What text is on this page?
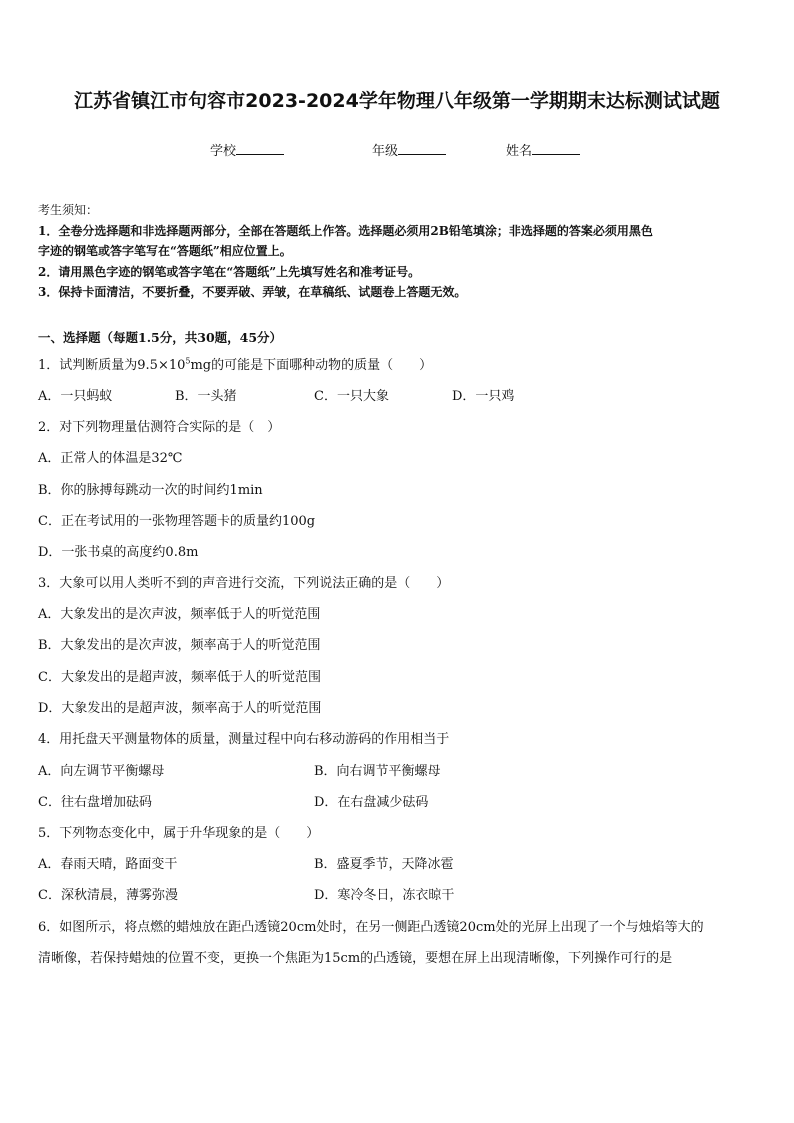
江苏省镇江市句容市2023-2024学年物理八年级第一学期期末达标测试试题
学校	年级	姓名
考生须知：
1．全卷分选择题和非选择题两部分，全部在答题纸上作答。选择题必须用2B铅笔填涂；非选择题的答案必须用黑色
字迹的钢笔或答字笔写在“答题纸”相应位置上。
2．请用黑色字迹的钢笔或答字笔在“答题纸”上先填写姓名和准考证号。
3．保持卡面清洁，不要折叠，不要弄破、弄皱，在草稿纸、试题卷上答题无效。
一、选择题（每题1.5分，共30题，45分）
1．试判断质量为$9.5\times 10^5mg$的可能是下面哪种动物的质量（　　）
A．一只蚂蚁	B．一头猪	C．一只大象	D．一只鸡
2．对下列物理量估测符合实际的是（　）
A．正常人的体温是32℃
B．你的脉搏每跳动一次的时间约1min
C．正在考试用的一张物理答题卡的质量约100g
D．一张书桌的高度约0.8m
3．大象可以用人类听不到的声音进行交流，下列说法正确的是（　　）
A．大象发出的是次声波，频率低于人的听觉范围
B．大象发出的是次声波，频率高于人的听觉范围
C．大象发出的是超声波，频率低于人的听觉范围
D．大象发出的是超声波，频率高于人的听觉范围
4．用托盘天平测量物体的质量，测量过程中向右移动游码的作用相当于
A．向左调节平衡螺母	B．向右调节平衡螺母
C．往右盘增加砝码	D．在右盘减少砝码
5．下列物态变化中，属于升华现象的是（　　）
A．春雨天晴，路面变干	B．盛夏季节，天降冰雹
C．深秋清晨，薄雾弥漫	D．寒冷冬日，冻衣晾干
6．如图所示，将点燃的蜡烛放在距凸透镜20cm处时，在另一侧距凸透镜20cm处的光屏上出现了一个与烛焰等大的
清晰像，若保持蜡烛的位置不变，更换一个焦距为15cm的凸透镜，要想在屏上出现清晰像，下列操作可行的是
